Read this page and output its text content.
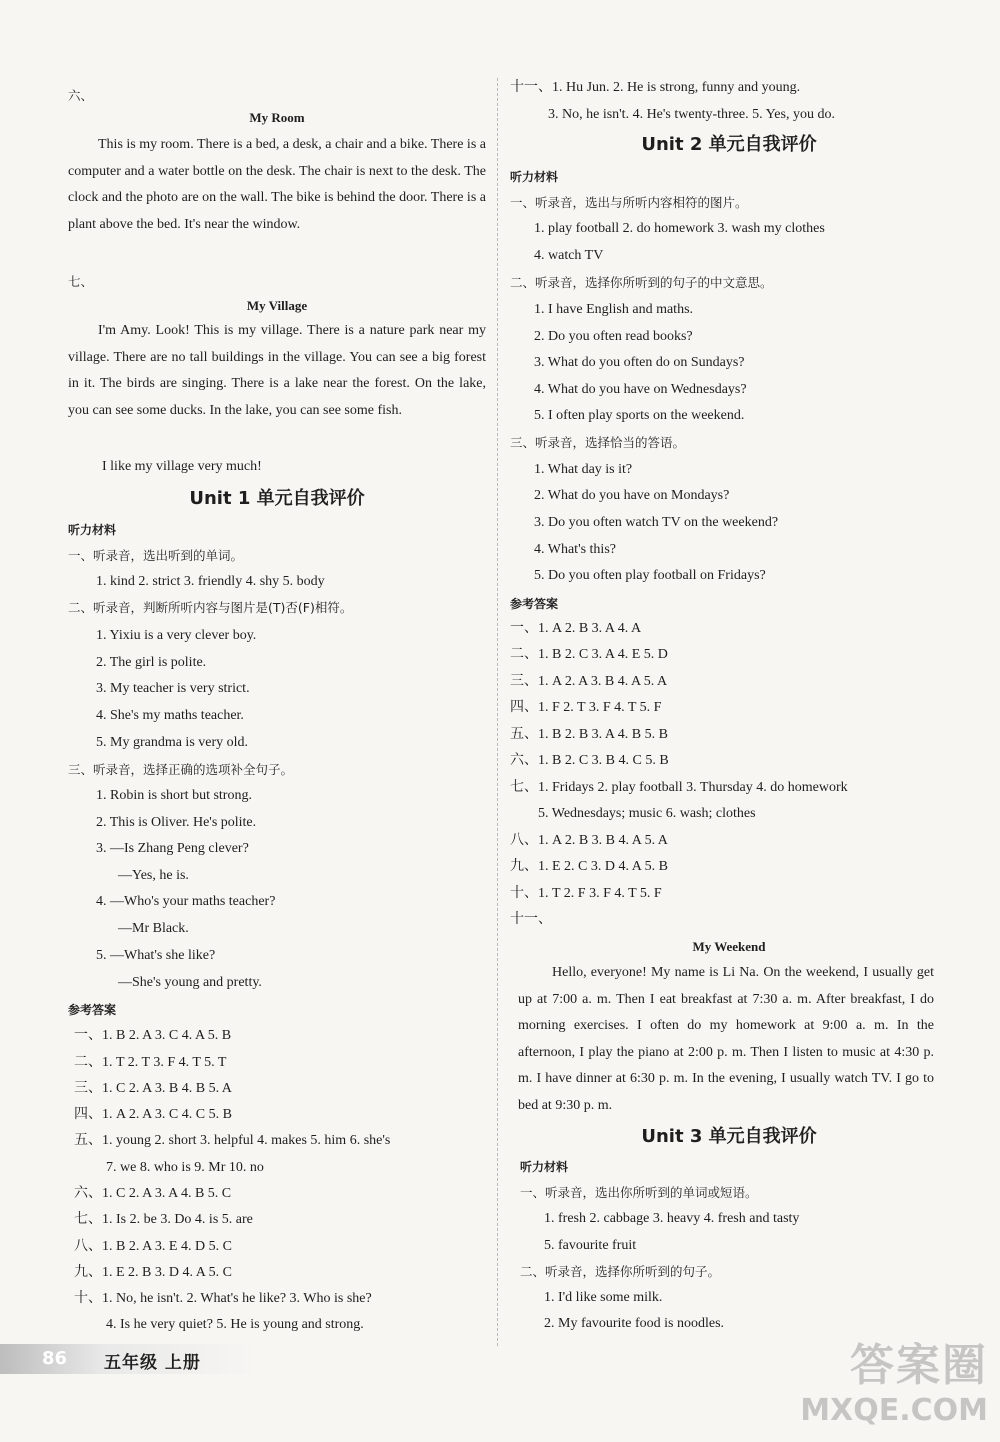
六、
My Room

This is my room. There is a bed, a desk, a chair and a bike. There is a computer and a water bottle on the desk. The chair is next to the desk. The clock and the photo are on the wall. The bike is behind the door. There is a plant above the bed. It's near the window.

七、
My Village

I'm Amy. Look! This is my village. There is a nature park near my village. There are no tall buildings in the village. You can see a big forest in it. The birds are singing. There is a lake near the forest. On the lake, you can see some ducks. In the lake, you can see some fish.

I like my village very much!
Unit 1 单元自我评价
听力材料
一、听录音，选出听到的单词。
1. kind 2. strict 3. friendly 4. shy 5. body
二、听录音，判断所听内容与图片是(T)否(F)相符。
1. Yixiu is a very clever boy.
2. The girl is polite.
3. My teacher is very strict.
4. She's my maths teacher.
5. My grandma is very old.
三、听录音，选择正确的选项补全句子。
1. Robin is short but strong.
2. This is Oliver. He's polite.
3. —Is Zhang Peng clever?
—Yes, he is.
4. —Who's your maths teacher?
—Mr Black.
5. —What's she like?
—She's young and pretty.
参考答案
一、1. B 2. A 3. C 4. A 5. B
二、1. T 2. T 3. F 4. T 5. T
三、1. C 2. A 3. B 4. B 5. A
四、1. A 2. A 3. C 4. C 5. B
五、1. young 2. short 3. helpful 4. makes 5. him 6. she's
7. we 8. who is 9. Mr 10. no
六、1. C 2. A 3. A 4. B 5. C
七、1. Is 2. be 3. Do 4. is 5. are
八、1. B 2. A 3. E 4. D 5. C
九、1. E 2. B 3. D 4. A 5. C
十、1. No, he isn't. 2. What's he like? 3. Who is she?
4. Is he very quiet? 5. He is young and strong.
十一、1. Hu Jun. 2. He is strong, funny and young.
3. No, he isn't. 4. He's twenty-three. 5. Yes, you do.
Unit 2 单元自我评价
听力材料
一、听录音，选出与所听内容相符的图片。
1. play football 2. do homework 3. wash my clothes
4. watch TV
二、听录音，选择你所听到的句子的中文意思。
1. I have English and maths.
2. Do you often read books?
3. What do you often do on Sundays?
4. What do you have on Wednesdays?
5. I often play sports on the weekend.
三、听录音，选择恰当的答语。
1. What day is it?
2. What do you have on Mondays?
3. Do you often watch TV on the weekend?
4. What's this?
5. Do you often play football on Fridays?
参考答案
一、1. A 2. B 3. A 4. A
二、1. B 2. C 3. A 4. E 5. D
三、1. A 2. A 3. B 4. A 5. A
四、1. F 2. T 3. F 4. T 5. F
五、1. B 2. B 3. A 4. B 5. B
六、1. B 2. C 3. B 4. C 5. B
七、1. Fridays 2. play football 3. Thursday 4. do homework
5. Wednesdays; music 6. wash; clothes
八、1. A 2. B 3. B 4. A 5. A
九、1. E 2. C 3. D 4. A 5. B
十、1. T 2. F 3. F 4. T 5. F
十一、
My Weekend

Hello, everyone! My name is Li Na. On the weekend, I usually get up at 7:00 a. m. Then I eat breakfast at 7:30 a. m. After breakfast, I do morning exercises. I often do my homework at 9:00 a. m. In the afternoon, I play the piano at 2:00 p. m. Then I listen to music at 4:30 p. m. I have dinner at 6:30 p. m. In the evening, I usually watch TV. I go to bed at 9:30 p. m.

Unit 3 单元自我评价
听力材料
一、听录音，选出你所听到的单词或短语。
1. fresh 2. cabbage 3. heavy 4. fresh and tasty
5. favourite fruit
二、听录音，选择你所听到的句子。
1. I'd like some milk.
2. My favourite food is noodles.
86 五年级 上册	答案圈
MXQE.COM
